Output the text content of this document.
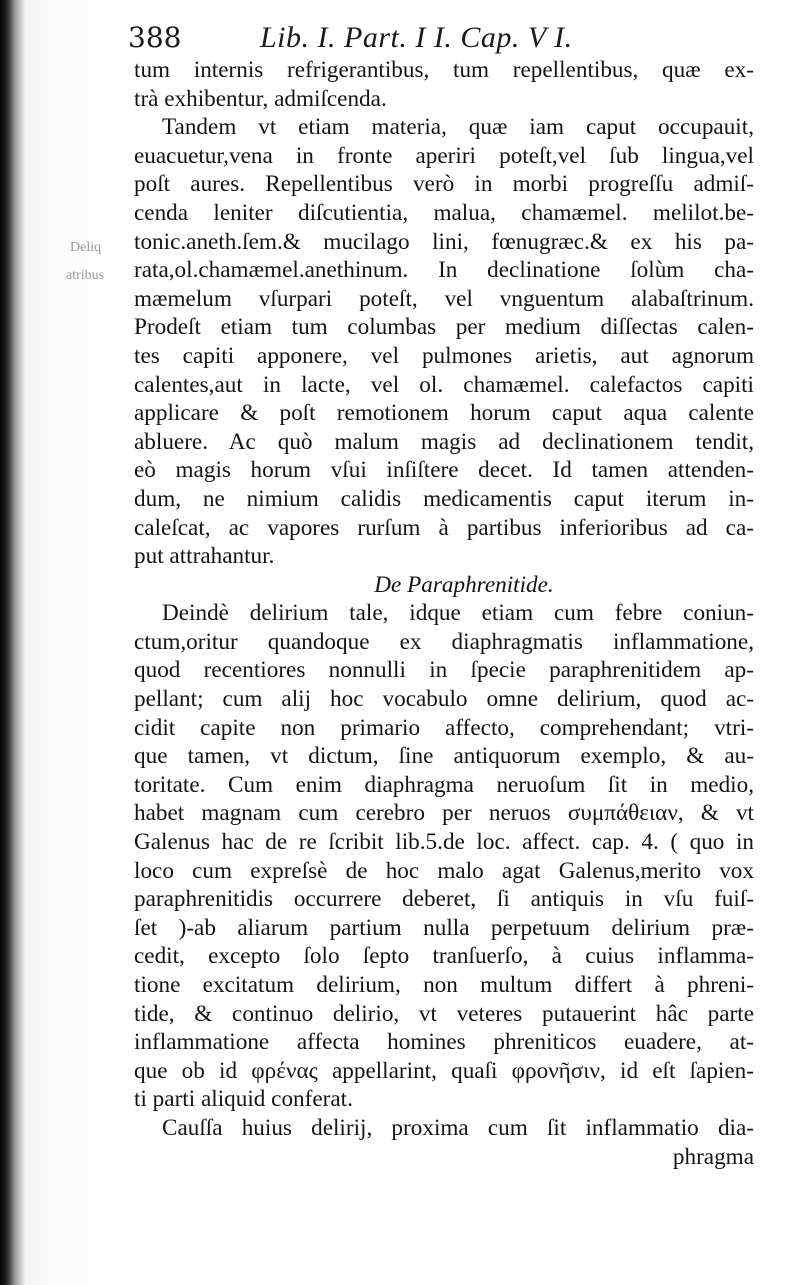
388	Lib. I. Part. I I. Cap. V I.
Deliq
atribus
tum internis refrigerantibus, tum repellentibus, quæ ex-
trà exhibentur, admiſcenda.
Tandem vt etiam materia, quæ iam caput occupauit,
euacuetur,vena in fronte aperiri poteſt,vel ſub lingua,vel
poſt aures. Repellentibus verò in morbi progreſſu admiſ-
cenda leniter diſcutientia, malua, chamæmel. melilot.be-
tonic.aneth.ſem.& mucilago lini, fœnugræc.& ex his pa-
rata,ol.chamæmel.anethinum. In declinatione ſolùm cha-
mæmelum vſurpari poteſt, vel vnguentum alabaſtrinum.
Prodeſt etiam tum columbas per medium diſſectas calen-
tes capiti apponere, vel pulmones arietis, aut agnorum
calentes,aut in lacte, vel ol. chamæmel. calefactos capiti
applicare & poſt remotionem horum caput aqua calente
abluere. Ac quò malum magis ad declinationem tendit,
eò magis horum vſui inſiſtere decet. Id tamen attenden-
dum, ne nimium calidis medicamentis caput iterum in-
caleſcat, ac vapores rurſum à partibus inferioribus ad ca-
put attrahantur.
De Paraphrenitide.
Deindè delirium tale, idque etiam cum febre coniun-
ctum,oritur quandoque ex diaphragmatis inflammatione,
quod recentiores nonnulli in ſpecie paraphrenitidem ap-
pellant; cum alij hoc vocabulo omne delirium, quod ac-
cidit capite non primario affecto, comprehendant; vtri-
que tamen, vt dictum, ſine antiquorum exemplo, & au-
toritate. Cum enim diaphragma neruoſum ſit in medio,
habet magnam cum cerebro per neruos συμπάθειαν, & vt
Galenus hac de re ſcribit lib.5.de loc. affect. cap. 4. ( quo in
loco cum expreſsè de hoc malo agat Galenus,merito vox
paraphrenitidis occurrere deberet, ſi antiquis in vſu fuiſ-
ſet )-ab aliarum partium nulla perpetuum delirium præ-
cedit, excepto ſolo ſepto tranſuerſo, à cuius inflamma-
tione excitatum delirium, non multum differt à phreni-
tide, & continuo delirio, vt veteres putauerint hâc parte
inflammatione affecta homines phreniticos euadere, at-
que ob id φρένας appellarint, quaſi φρονῆσιν, id eſt ſapien-
ti parti aliquid conferat.
Cauſſa huius delirij, proxima cum ſit inflammatio dia-
phragma
